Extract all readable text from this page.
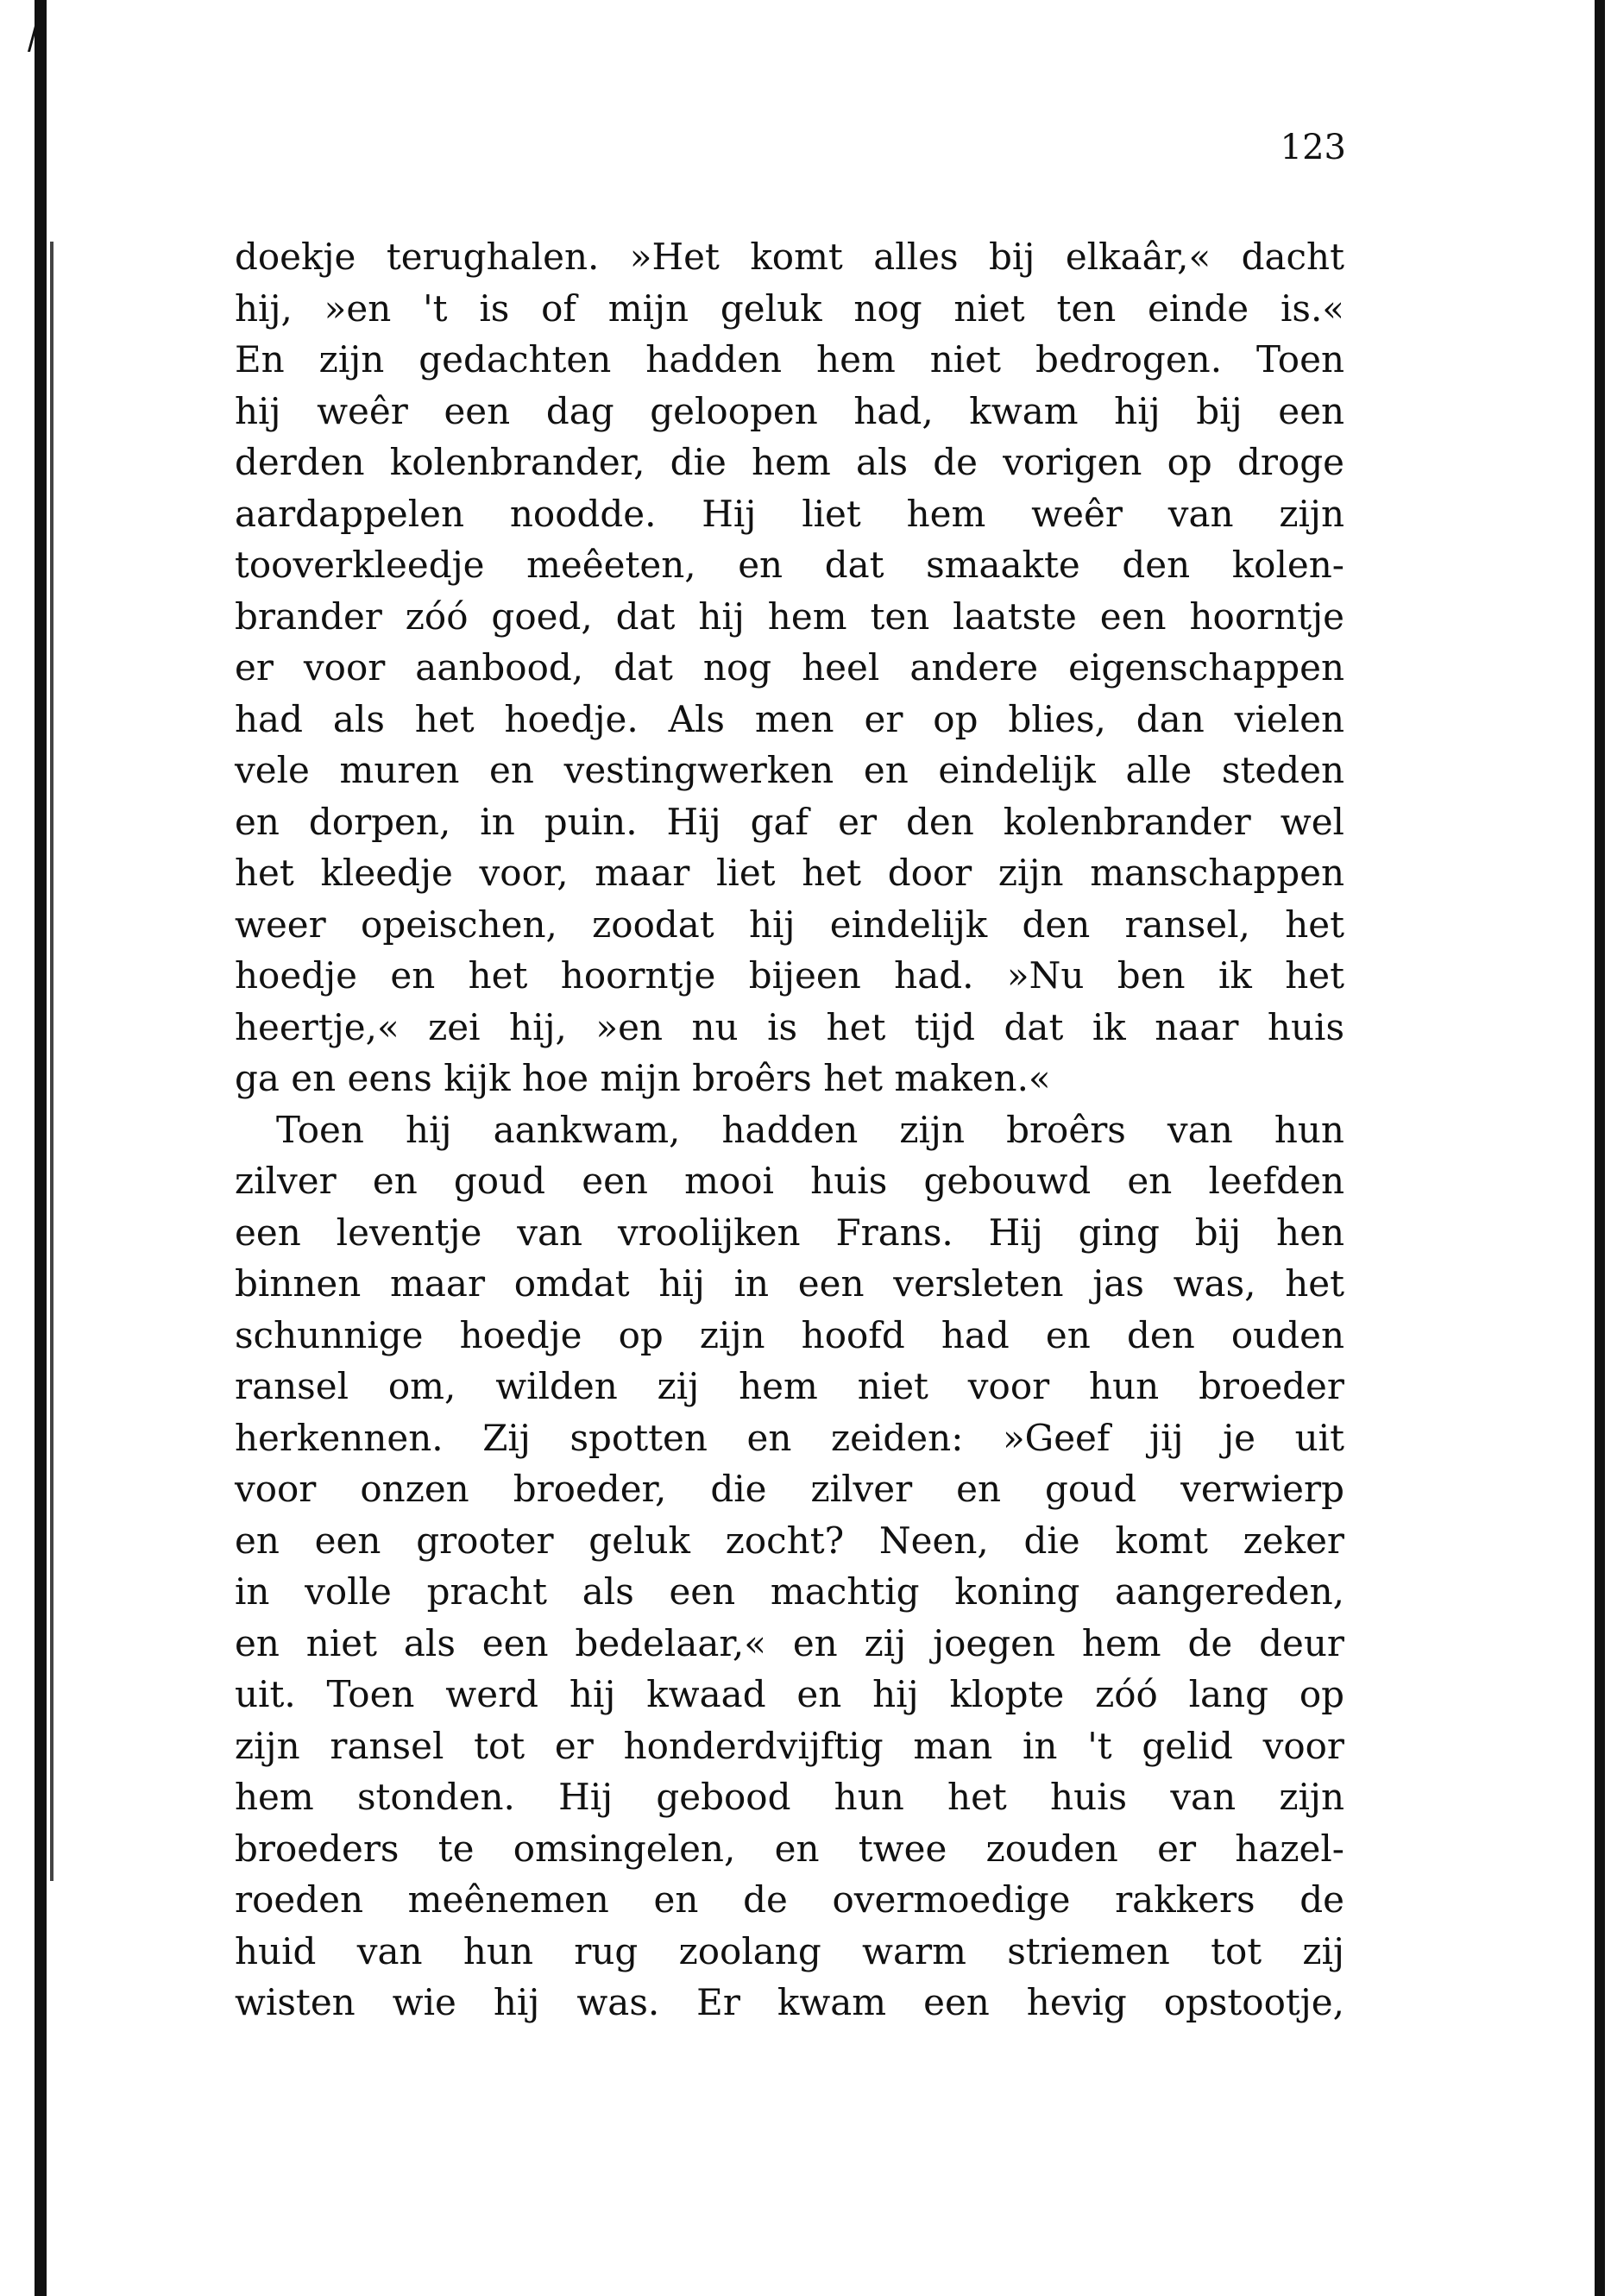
123
doekje terughalen. »Het komt alles bij elkaâr,« dacht
hij, »en 't is of mijn geluk nog niet ten einde is.«
En zijn gedachten hadden hem niet bedrogen. Toen
hij weêr een dag geloopen had, kwam hij bij een
derden kolenbrander, die hem als de vorigen op droge
aardappelen noodde. Hij liet hem weêr van zijn
tooverkleedje meêeten, en dat smaakte den kolen-
brander zóó goed, dat hij hem ten laatste een hoorntje
er voor aanbood, dat nog heel andere eigenschappen
had als het hoedje. Als men er op blies, dan vielen
vele muren en vestingwerken en eindelijk alle steden
en dorpen, in puin. Hij gaf er den kolenbrander wel
het kleedje voor, maar liet het door zijn manschappen
weer opeischen, zoodat hij eindelijk den ransel, het
hoedje en het hoorntje bijeen had. »Nu ben ik het
heertje,« zei hij, »en nu is het tijd dat ik naar huis
ga en eens kijk hoe mijn broêrs het maken.«
Toen hij aankwam, hadden zijn broêrs van hun
zilver en goud een mooi huis gebouwd en leefden
een leventje van vroolijken Frans. Hij ging bij hen
binnen maar omdat hij in een versleten jas was, het
schunnige hoedje op zijn hoofd had en den ouden
ransel om, wilden zij hem niet voor hun broeder
herkennen. Zij spotten en zeiden: »Geef jij je uit
voor onzen broeder, die zilver en goud verwierp
en een grooter geluk zocht? Neen, die komt zeker
in volle pracht als een machtig koning aangereden,
en niet als een bedelaar,« en zij joegen hem de deur
uit. Toen werd hij kwaad en hij klopte zóó lang op
zijn ransel tot er honderdvijftig man in 't gelid voor
hem stonden. Hij gebood hun het huis van zijn
broeders te omsingelen, en twee zouden er hazel-
roeden meênemen en de overmoedige rakkers de
huid van hun rug zoolang warm striemen tot zij
wisten wie hij was. Er kwam een hevig opstootje,
